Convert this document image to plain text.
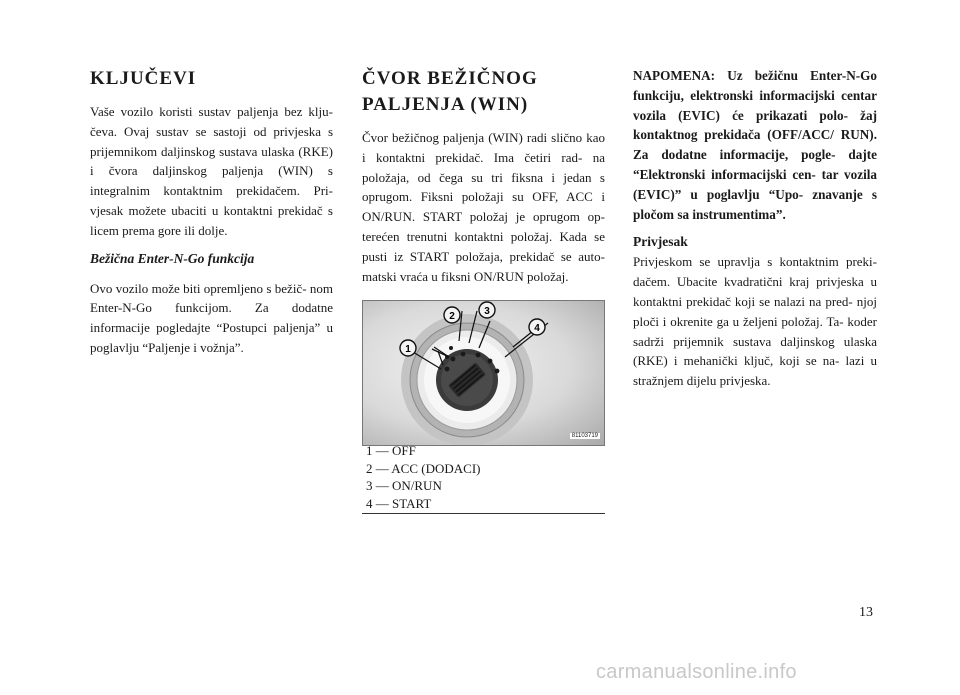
KLJUČEVI

Vaše vozilo koristi sustav paljenja bez klju- čeva. Ovaj sustav se sastoji od privjeska s prijemnikom daljinskog sustava ulaska (RKE) i čvora daljinskog paljenja (WIN) s integralnim kontaktnim prekidačem. Pri- vjesak možete ubaciti u kontaktni prekidač s licem prema gore ili dolje.

Bežična Enter-N-Go funkcija

Ovo vozilo može biti opremljeno s bežič- nom Enter-N-Go funkcijom. Za dodatne informacije pogledajte “Postupci paljenja” u poglavlju “Paljenje i vožnja”.

ČVOR BEŽIČNOG PALJENJA (WIN)

Čvor bežičnog paljenja (WIN) radi slično kao i kontaktni prekidač. Ima četiri rad- na položaja, od čega su tri fiksna i jedan s oprugom. Fiksni položaji su OFF, ACC i ON/RUN. START položaj je oprugom op- terećen trenutni kontaktni položaj. Kada se pusti iz START položaja, prekidač se auto- matski vraća u fiksni ON/RUN položaj.

1
2	3
4
81103719
1 — OFF
2 — ACC (DODACI)
3 — ON/RUN
4 — START
NAPOMENA: Uz bežičnu Enter-N-Go funkciju, elektronski informacijski centar vozila (EVIC) će prikazati polo- žaj kontaktnog prekidača (OFF/ACC/ RUN). Za dodatne informacije, pogle- dajte “Elektronski informacijski cen- tar vozila (EVIC)” u poglavlju “Upo- znavanje s pločom sa instrumentima”.
Privjesak

Privjeskom se upravlja s kontaktnim preki- dačem. Ubacite kvadratični kraj privjeska u kontaktni prekidač koji se nalazi na pred- njoj ploči i okrenite ga u željeni položaj. Ta- koder sadrži prijemnik sustava daljinskog ulaska (RKE) i mehanički ključ, koji se na- lazi u stražnjem dijelu privjeska.

13
carmanualsonline.info
